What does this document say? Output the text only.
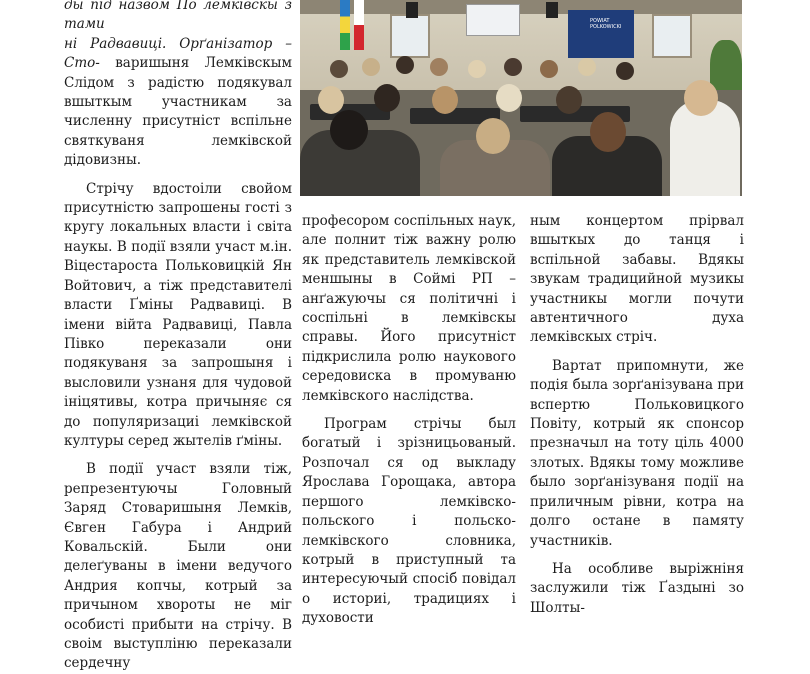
ды під назвом По лемківскы з тами
ні Радвавиці. Орґанізатор – Сто- варишыня Лемківскым Слідом з радістю подякувал вшыткым участникам за численну присутніст вспільне святкуваня лемківской дідовизны.

Стрічу вдостоіли свойом присутністю запрошены гості з кругу локальных власти і світа наукы. В події взяли участ м.ін. Віцестароста Польковицкій Ян Войтович, а тіж представителі власти Ґміны Радвавиці. В імени війта Радвавиці, Павла Півко переказали они подякуваня за запрошыня і высловили узнаня для чудовой ініцятивы, котра причыняє ся до популяризациі лемківской културы серед жытелів ґміны.

В події участ взяли тіж, репрезентуючы Головный Заряд Стоваришыня Лемків, Євген Габура і Андрий Ковальскій. Были они делеґуваны в імени ведучого Андрия копчы, котрый за причыном хвороты не міг особисті прибыти на стрічу. В своім выступліню переказали сердечну

POWIAT POLKOWICKI

професором соспільных наук, але полнит тіж важну ролю як представитель лемківской меншыны в Соймі РП – анґажуючы ся політичні і соспільні в лемківскы справы. Його присутніст підкрислила ролю наукового середовиска в промуваню лемківского наслідства.

Програм стрічы был богатый і зрізницьованый. Розпочал ся од выкладу Ярослава Горощака, автора першого лемківско-польского і польско-лемківского словника, котрый в приступный та интересуючый спосіб повідал о историі, традициях і духовости

ным концертом прірвал вшыткых до танця і вспільной забавы. Вдякы звукам традицийной музикы участникы могли почути автентичного духа лемківскых стріч.

Вартат припомнути, же подія была зорґанізувана при вспертю Польковицкого Повіту, котрый як спонсор презначыл на тоту ціль 4000 злотых. Вдякы тому можливе было зорґанізуваня події на приличным рівни, котра на долго остане в памяту участників.

На особливе выріжніня заслужили тіж Ґаздыні зо Шолты-
